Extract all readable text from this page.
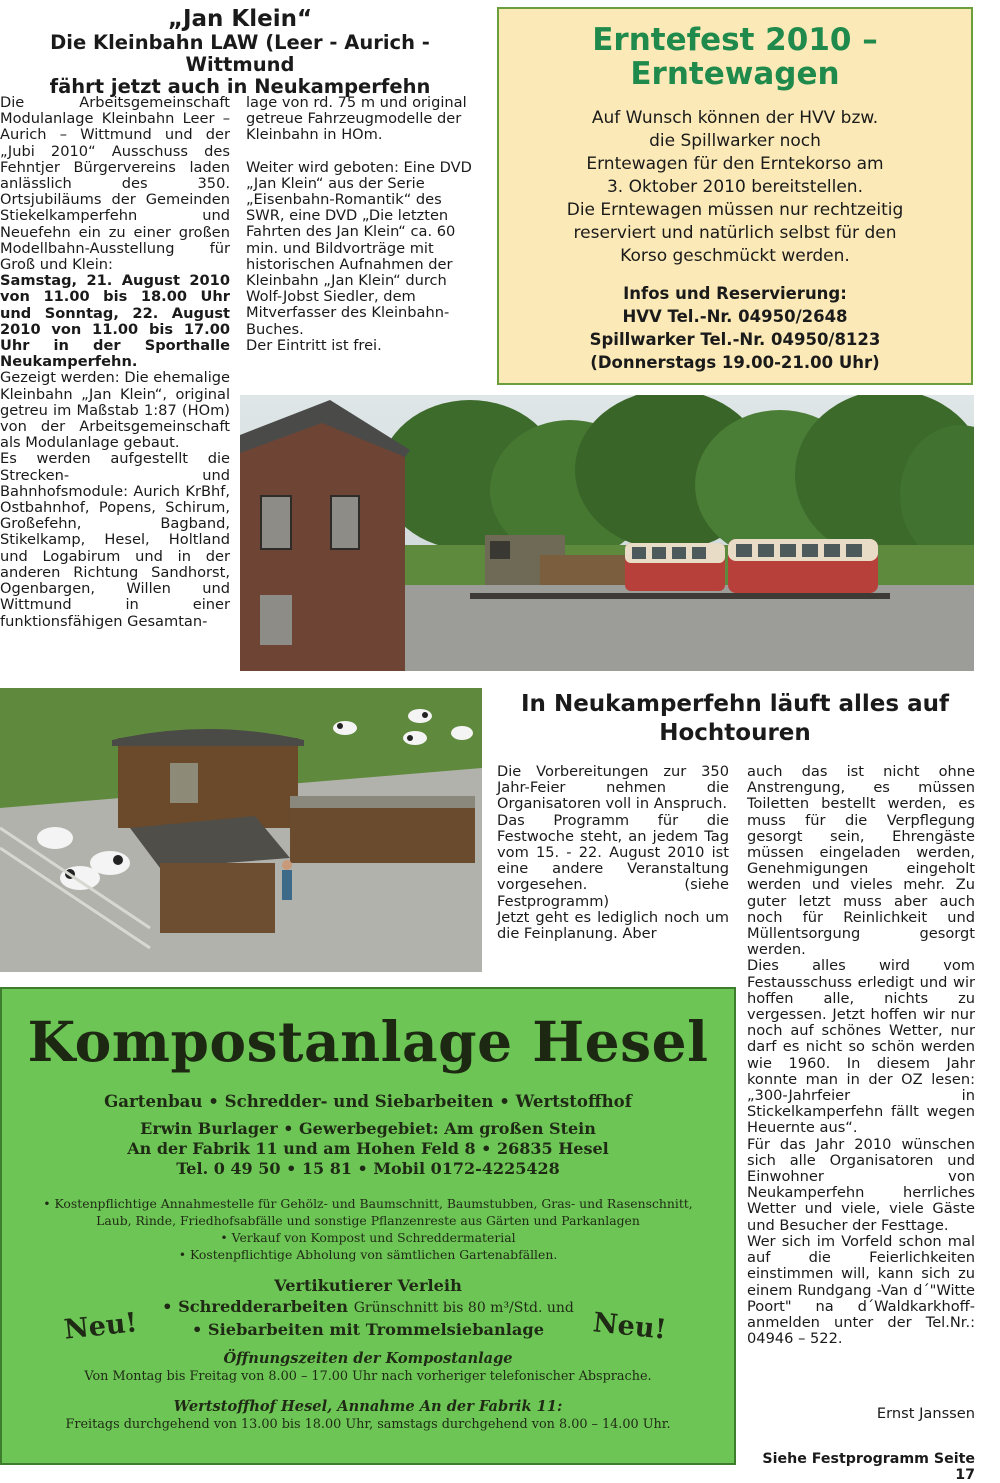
„Jan Klein“
Die Kleinbahn LAW (Leer - Aurich - Wittmund
fährt jetzt auch in Neukamperfehn

Die Arbeitsgemeinschaft Modulanlage Kleinbahn Leer – Aurich – Wittmund und der „Jubi 2010“ Ausschuss des Fehntjer Bürgervereins laden anlässlich des 350. Ortsjubiläums der Gemeinden Stiekelkamperfehn und Neuefehn ein zu einer großen Modellbahn-Ausstellung für Groß und Klein:

Samstag, 21. August 2010 von 11.00 bis 18.00 Uhr und Sonntag, 22. August 2010 von 11.00 bis 17.00 Uhr in der Sporthalle Neukamperfehn.

Gezeigt werden: Die ehemalige Kleinbahn „Jan Klein“, original getreu im Maßstab 1:87 (HOm) von der Arbeitsgemeinschaft als Modulanlage gebaut.

Es werden aufgestellt die Strecken- und Bahnhofsmodule: Aurich KrBhf, Ostbahnhof, Popens, Schirum, Großefehn, Bagband, Stikelkamp, Hesel, Holtland und Logabirum und in der anderen Richtung Sandhorst, Ogenbargen, Willen und Wittmund in einer funktionsfähigen Gesamtan-

lage von rd. 75 m und original getreue Fahrzeugmodelle der Kleinbahn in HOm.

Weiter wird geboten: Eine DVD „Jan Klein“ aus der Serie „Eisenbahn-Romantik“ des SWR, eine DVD „Die letzten Fahrten des Jan Klein“ ca. 60 min. und Bildvorträge mit historischen Aufnahmen der Kleinbahn „Jan Klein“ durch Wolf-Jobst Siedler, dem Mitverfasser des Kleinbahn-Buches.

Der Eintritt ist frei.

Erntefest 2010 –
Erntewagen
Auf Wunsch können der HVV bzw.
die Spillwarker noch
Erntewagen für den Erntekorso am
3. Oktober 2010 bereitstellen.
Die Erntewagen müssen nur rechtzeitig
reserviert und natürlich selbst für den
Korso geschmückt werden.
Infos und Reservierung:
HVV Tel.-Nr. 04950/2648
Spillwarker Tel.-Nr. 04950/8123
(Donnerstags 19.00-21.00 Uhr)
In Neukamperfehn läuft alles auf
Hochtouren

Die Vorbereitungen zur 350 Jahr-Feier nehmen die Organisatoren voll in Anspruch.

Das Programm für die Festwoche steht, an jedem Tag vom 15. - 22. August 2010 ist eine andere Veranstaltung vorgesehen. (siehe Festprogramm)

Jetzt geht es lediglich noch um die Feinplanung. Aber

auch das ist nicht ohne Anstrengung, es müssen Toiletten bestellt werden, es muss für die Verpflegung gesorgt sein, Ehrengäste müssen eingeladen werden, Genehmigungen eingeholt werden und vieles mehr. Zu guter letzt muss aber auch noch für Reinlichkeit und Müllentsorgung gesorgt werden.

Dies alles wird vom Festausschuss erledigt und wir hoffen alle, nichts zu vergessen. Jetzt hoffen wir nur noch auf schönes Wetter, nur darf es nicht so schön werden wie 1960. In diesem Jahr konnte man in der OZ lesen: „300-Jahrfeier in Stickelkamperfehn fällt wegen Heuernte aus“.

Für das Jahr 2010 wünschen sich alle Organisatoren und Einwohner von Neukamperfehn herrliches Wetter und viele, viele Gäste und Besucher der Festtage.

Wer sich im Vorfeld schon mal auf die Feierlichkeiten einstimmen will, kann sich zu einem Rundgang -Van d´"Witte Poort" na d´Waldkarkhoff- anmelden unter der Tel.Nr.: 04946 – 522.

Ernst Janssen
Siehe Festprogramm Seite 17
Kompostanlage Hesel
Gartenbau • Schredder- und Siebarbeiten • Wertstoffhof
Erwin Burlager • Gewerbegebiet: Am großen Stein
An der Fabrik 11 und am Hohen Feld 8 • 26835 Hesel
Tel. 0 49 50 • 15 81 • Mobil 0172-4225428
• Kostenpflichtige Annahmestelle für Gehölz- und Baumschnitt, Baumstubben, Gras- und Rasenschnitt, Laub, Rinde, Friedhofsabfälle und sonstige Pflanzenreste aus Gärten und Parkanlagen
• Verkauf von Kompost und Schreddermaterial
• Kostenpflichtige Abholung von sämtlichen Gartenabfällen.
Vertikutierer Verleih
• Schredderarbeiten Grünschnitt bis 80 m³/Std. und
• Siebarbeiten mit Trommelsiebanlage
Neu!	Neu!
Öffnungszeiten der Kompostanlage
Von Montag bis Freitag von 8.00 – 17.00 Uhr nach vorheriger telefonischer Absprache.
Wertstoffhof Hesel, Annahme An der Fabrik 11:
Freitags durchgehend von 13.00 bis 18.00 Uhr, samstags durchgehend von 8.00 – 14.00 Uhr.
